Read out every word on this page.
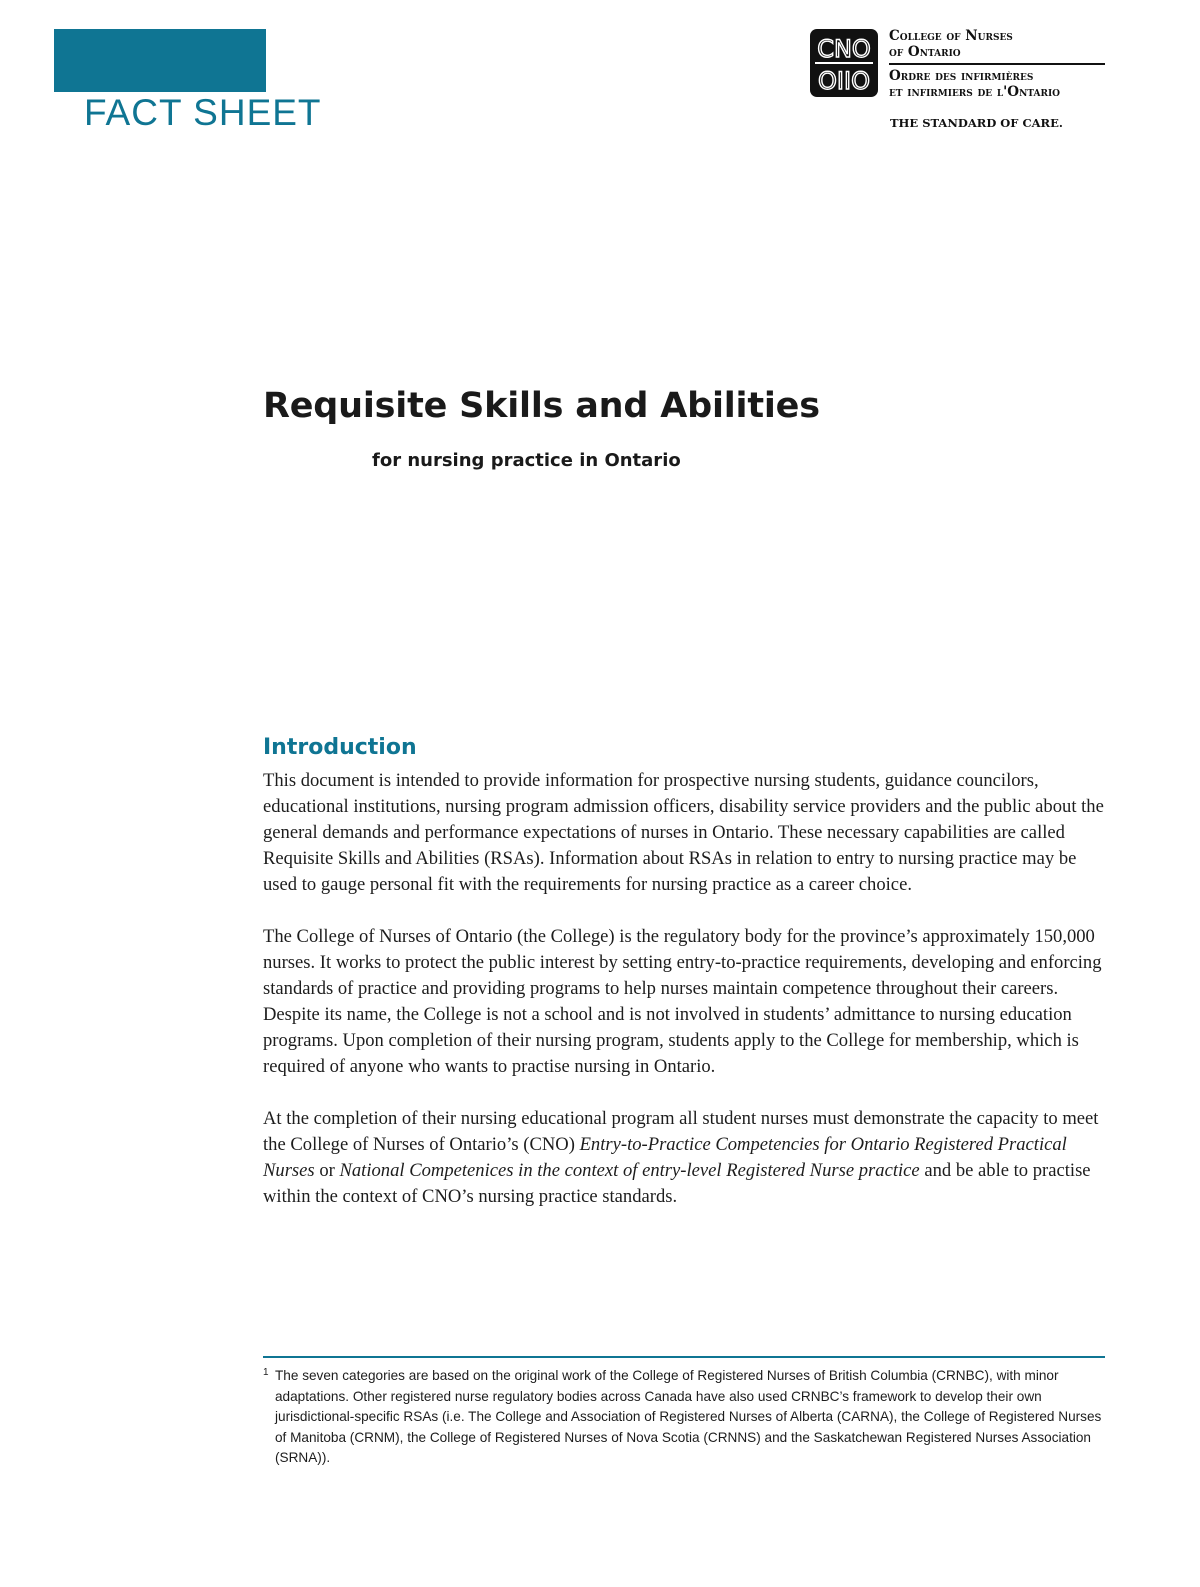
FACT SHEET
CNO
OIIO
College of Nurses
of Ontario
Ordre des infirmières
et infirmiers de l'Ontario
THE STANDARD OF CARE.
Requisite Skills and Abilities

for nursing practice in Ontario

Introduction

This document is intended to provide information for prospective nursing students, guidance councilors, educational institutions, nursing program admission officers, disability service providers and the public about the general demands and performance expectations of nurses in Ontario. These necessary capabilities are called Requisite Skills and Abilities (RSAs). Information about RSAs in relation to entry to nursing practice may be used to gauge personal fit with the requirements for nursing practice as a career choice.

The College of Nurses of Ontario (the College) is the regulatory body for the province’s approximately 150,000 nurses. It works to protect the public interest by setting entry-to-practice requirements, developing and enforcing standards of practice and providing programs to help nurses maintain competence throughout their careers. Despite its name, the College is not a school and is not involved in students’ admittance to nursing education programs. Upon completion of their nursing program, students apply to the College for membership, which is required of anyone who wants to practise nursing in Ontario.

At the completion of their nursing educational program all student nurses must demonstrate the capacity to meet the College of Nurses of Ontario’s (CNO) Entry-to-Practice Competencies for Ontario Registered Practical Nurses or National Competenices in the context of entry-level Registered Nurse practice and be able to practise within the context of CNO’s nursing practice standards.

1 The seven categories are based on the original work of the College of Registered Nurses of British Columbia (CRNBC), with minor adaptations. Other registered nurse regulatory bodies across Canada have also used CRNBC’s framework to develop their own jurisdictional-specific RSAs (i.e. The College and Association of Registered Nurses of Alberta (CARNA), the College of Registered Nurses of Manitoba (CRNM), the College of Registered Nurses of Nova Scotia (CRNNS) and the Saskatchewan Registered Nurses Association (SRNA)).
